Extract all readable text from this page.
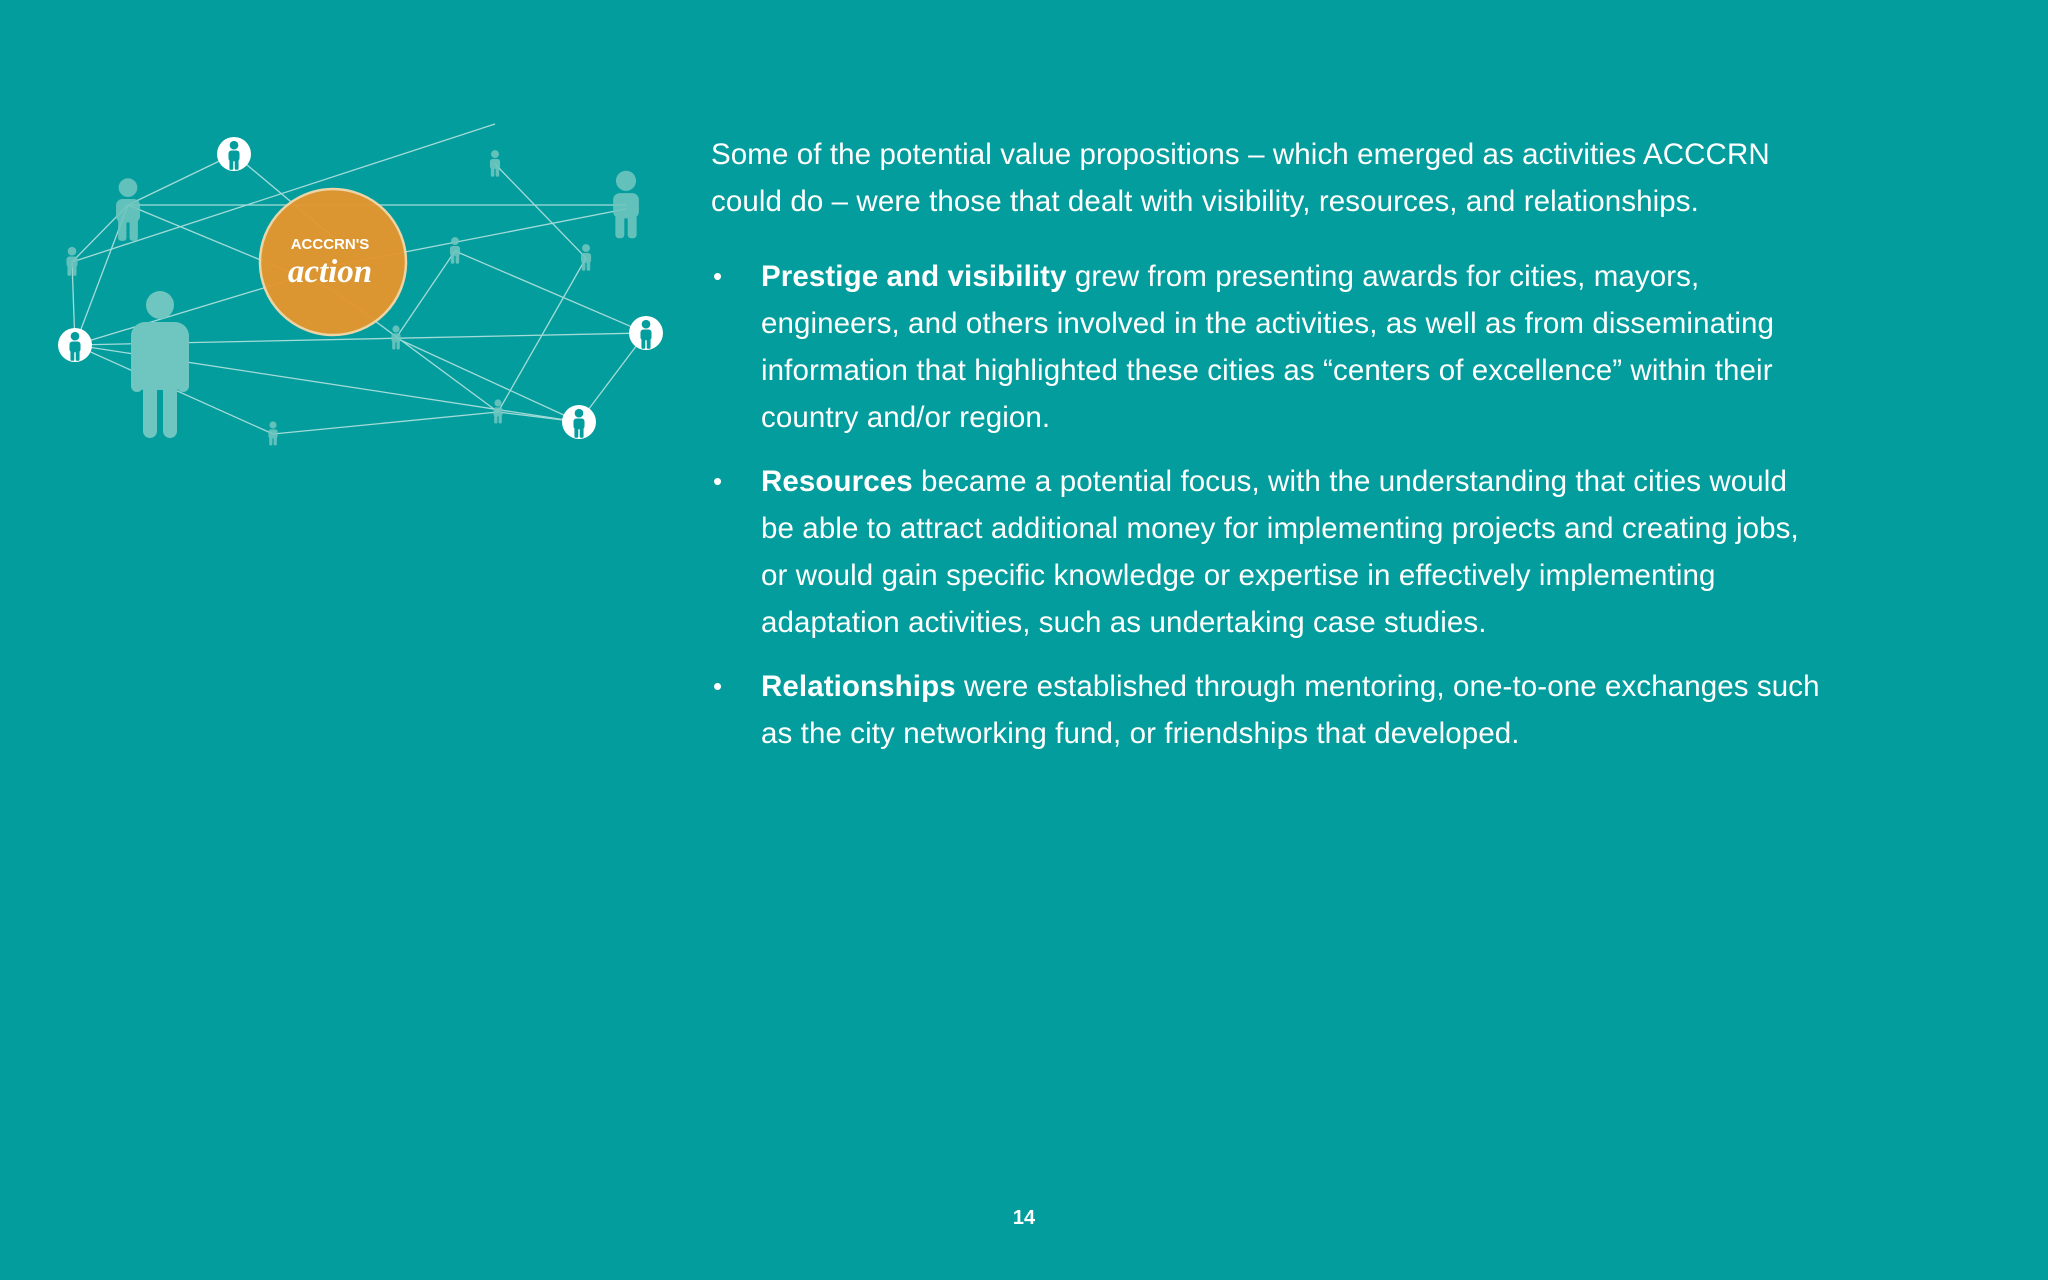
ACCCRN'S
action

Some of the potential value propositions – which emerged as activities ACCCRN could do – were those that dealt with visibility, resources, and relationships.

• Prestige and visibility grew from presenting awards for cities, mayors, engineers, and others involved in the activities, as well as from disseminating information that highlighted these cities as “centers of excellence” within their country and/or region.
• Resources became a potential focus, with the understanding that cities would be able to attract additional money for implementing projects and creating jobs, or would gain specific knowledge or expertise in effectively implementing adaptation activities, such as undertaking case studies.
• Relationships were established through mentoring, one-to-one exchanges such as the city networking fund, or friendships that developed.
14
